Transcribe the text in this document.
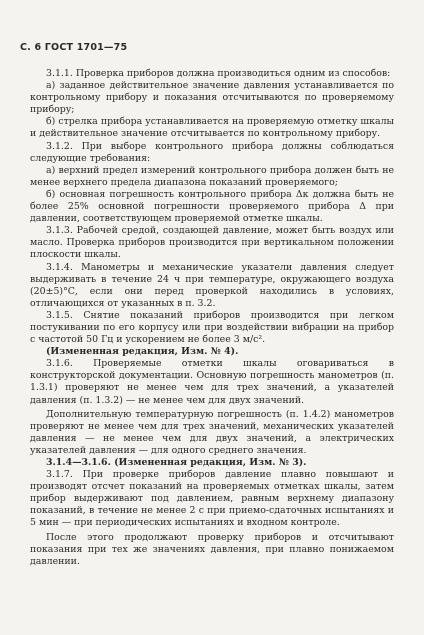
С. 6 ГОСТ 1701—75

3.1.1. Проверка приборов должна производиться одним из способов:

а) заданное действительное значение давления устанавливается по контрольному прибору и показания отсчитываются по проверяемому прибору;

б) стрелка прибора устанавливается на проверяемую отметку шкалы и действительное значение отсчитывается по контрольному прибору.

3.1.2. При выборе контрольного прибора должны соблюдаться следующие требования:

а) верхний предел измерений контрольного прибора должен быть не менее верхнего предела диапазона показаний проверяемого;

б) основная погрешность контрольного прибора Δк должна быть не более 25% основной погрешности проверяемого прибора Δ при давлении, соответствующем проверяемой отметке шкалы.

3.1.3. Рабочей средой, создающей давление, может быть воздух или масло. Проверка приборов производится при вертикальном положении плоскости шкалы.

3.1.4. Манометры и механические указатели давления следует выдерживать в течение 24 ч при температуре, окружающего воздуха (20±5)°С, если они перед проверкой находились в условиях, отличающихся от указанных в п. 3.2.

3.1.5. Снятие показаний приборов производится при легком постукивании по его корпусу или при воздействии вибрации на прибор с частотой 50 Гц и ускорением не более 3 м/с².

(Измененная редакция, Изм. № 4).

3.1.6. Проверяемые отметки шкалы оговариваться в конструкторской документации. Основную погрешность манометров (п. 1.3.1) проверяют не менее чем для трех значений, а указателей давления (п. 1.3.2) — не менее чем для двух значений.

Дополнительную температурную погрешность (п. 1.4.2) манометров проверяют не менее чем для трех значений, механических указателей давления — не менее чем для двух значений, а электрических указателей давления — для одного среднего значения.

3.1.4—3.1.6. (Измененная редакция, Изм. № 3).

3.1.7. При проверке приборов давление плавно повышают и производят отсчет показаний на проверяемых отметках шкалы, затем прибор выдерживают под давлением, равным верхнему диапазону показаний, в течение не менее 2 с при приемо-сдаточных испытаниях и 5 мин — при периодических испытаниях и входном контроле.

После этого продолжают проверку приборов и отсчитывают показания при тех же значениях давления, при плавно понижаемом давлении.
